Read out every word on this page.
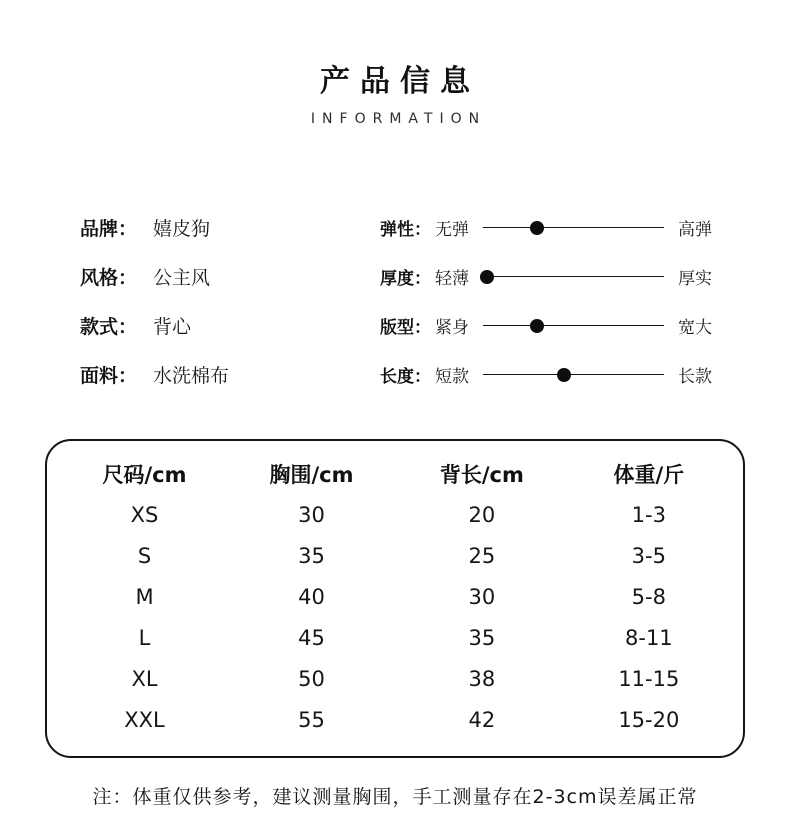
产品信息
INFORMATION
品牌： 嬉皮狗
风格： 公主风
款式： 背心
面料： 水洗棉布
弹性： 无弹	高弹
厚度： 轻薄	厚实
版型： 紧身	宽大
长度： 短款	长款
尺码/cm	胸围/cm	背长/cm	体重/斤
XS	30	20	1-3
S	35	25	3-5
M	40	30	5-8
L	45	35	8-11
XL	50	38	11-15
XXL	55	42	15-20
注：体重仅供参考，建议测量胸围，手工测量存在2-3cm误差属正常
